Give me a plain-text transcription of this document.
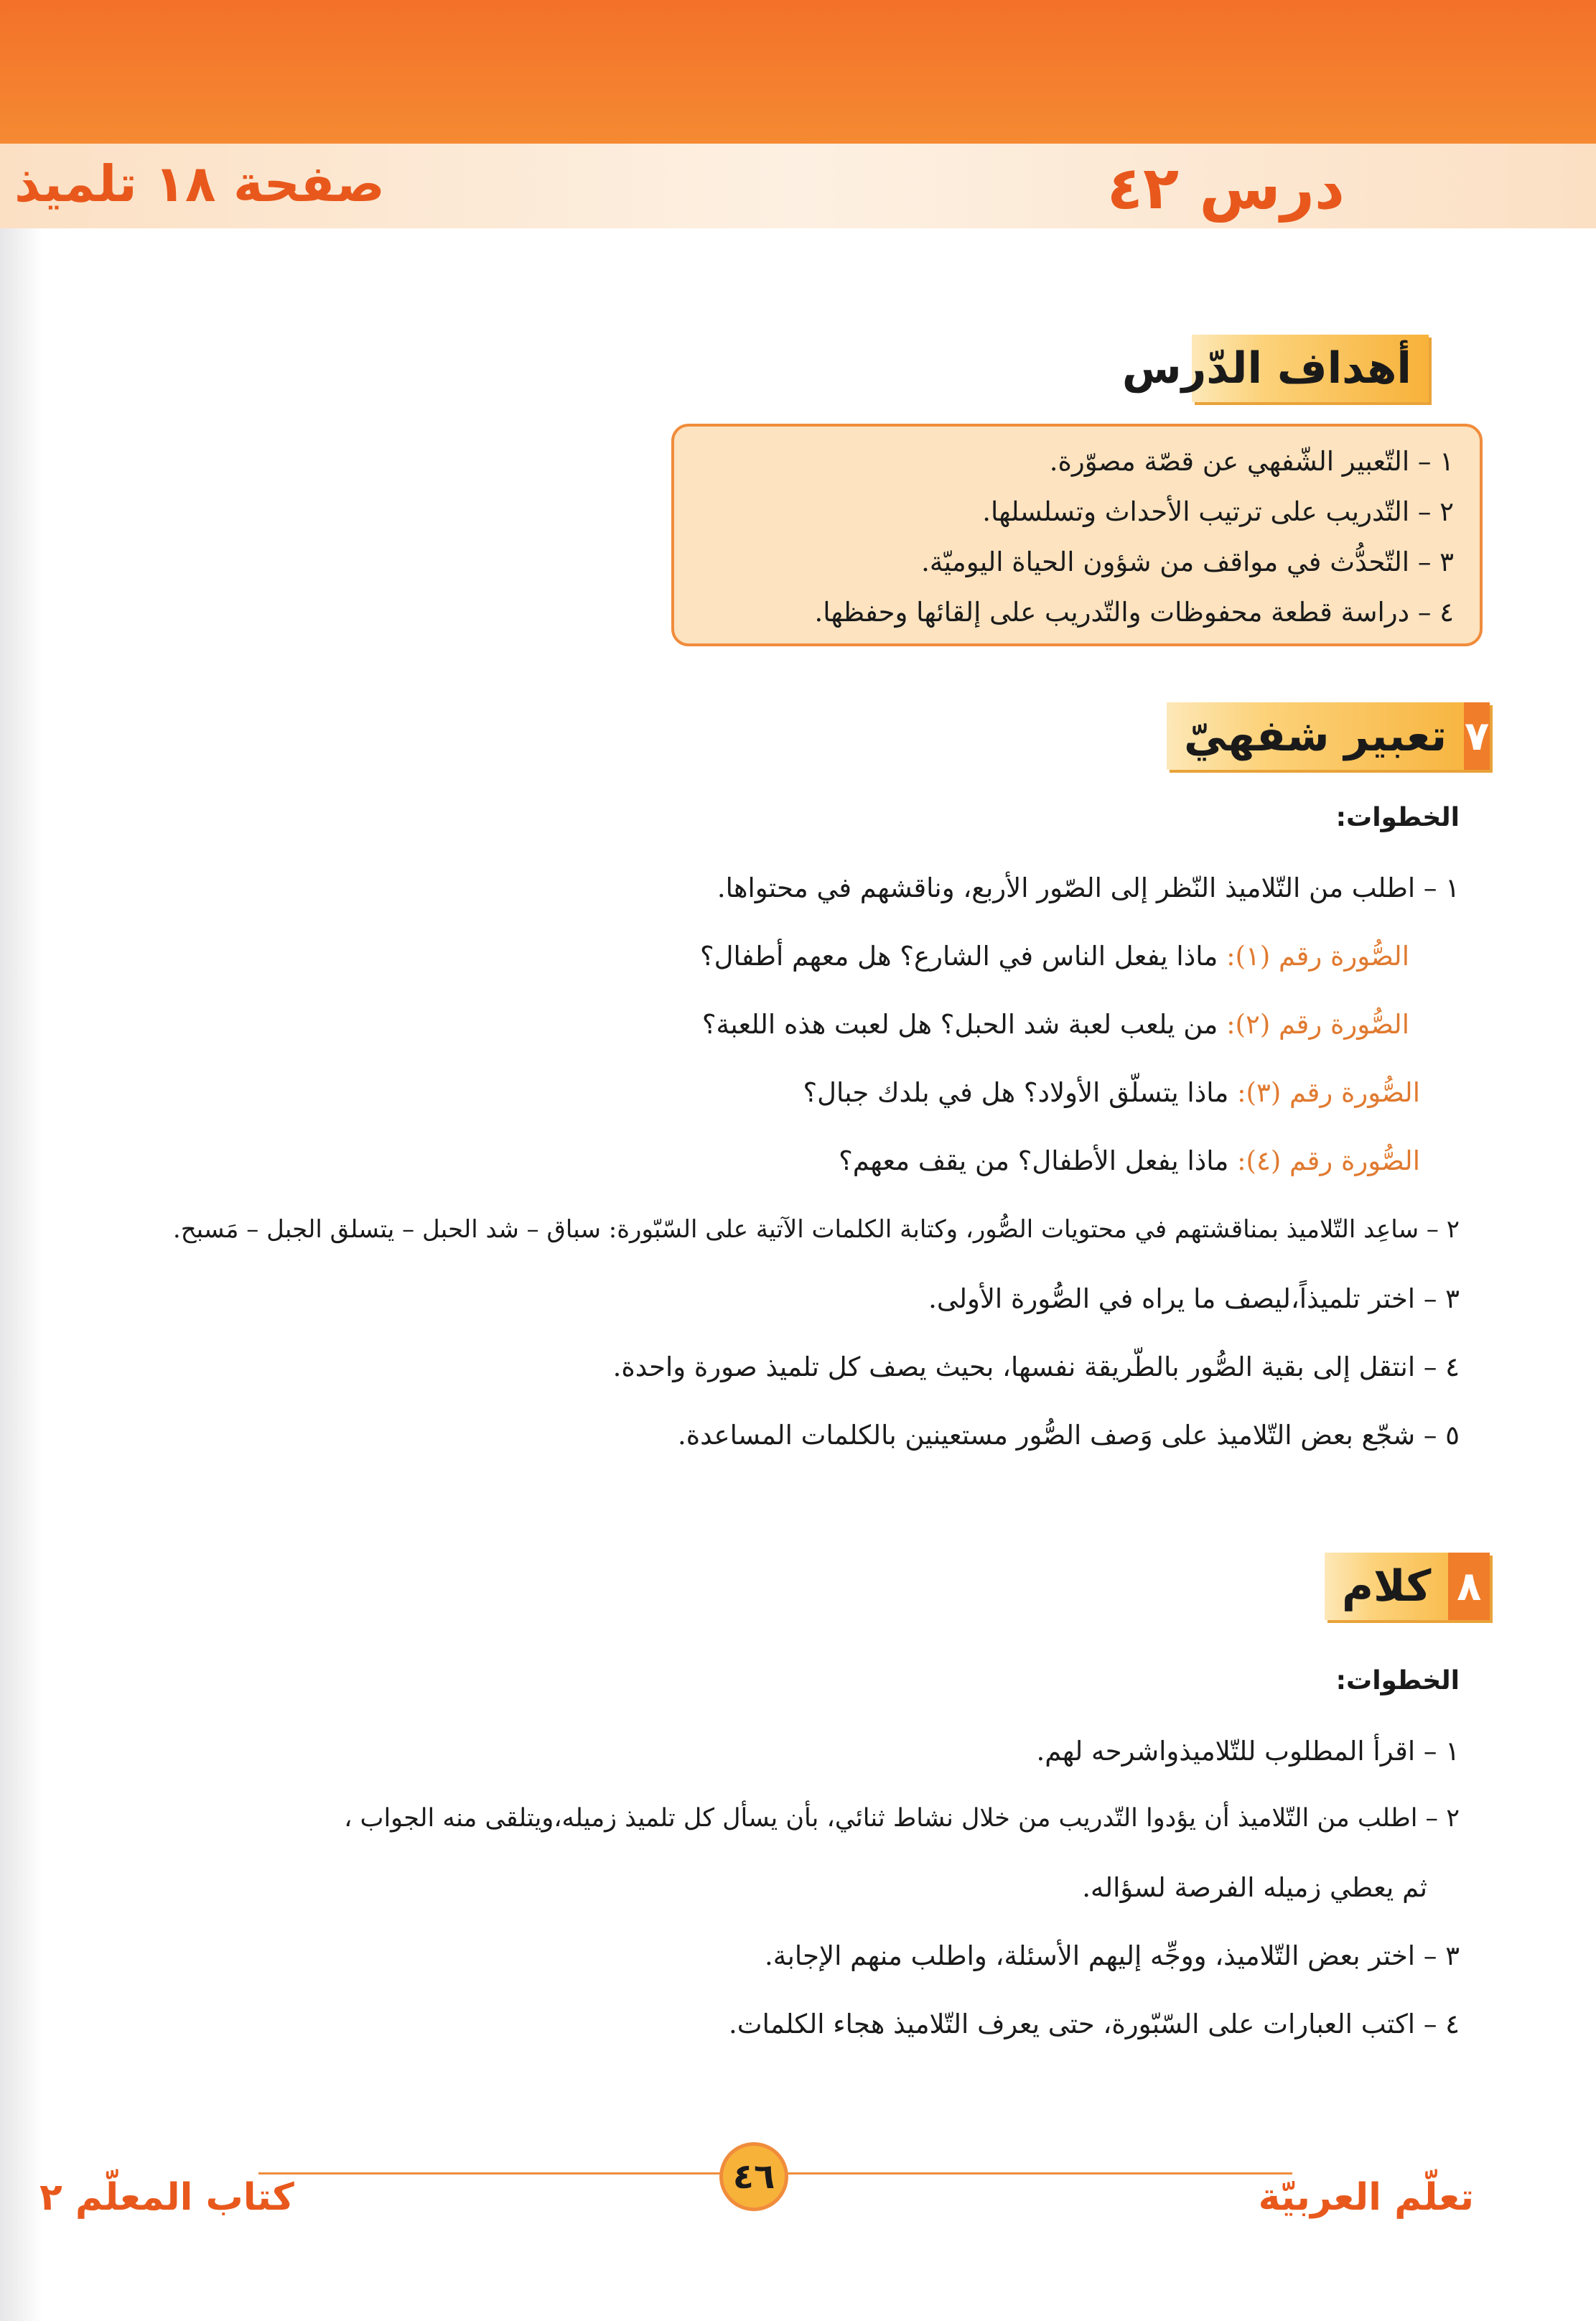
درس ٤٢
صفحة ١٨ تلميذ
أهداف الدّرس
١ – التّعبير الشّفهي عن قصّة مصوّرة.
٢ – التّدريب على ترتيب الأحداث وتسلسلها.
٣ – التّحدُّث في مواقف من شؤون الحياة اليوميّة.
٤ – دراسة قطعة محفوظات والتّدريب على إلقائها وحفظها.
٧
تعبير شفهيّ
الخطوات:
١ – اطلب من التّلاميذ النّظر إلى الصّور الأربع، وناقشهم في محتواها.
الصُّورة رقم (١): ماذا يفعل الناس في الشارع؟ هل معهم أطفال؟
الصُّورة رقم (٢): من يلعب لعبة شد الحبل؟ هل لعبت هذه اللعبة؟
الصُّورة رقم (٣): ماذا يتسلّق الأولاد؟ هل في بلدك جبال؟
الصُّورة رقم (٤): ماذا يفعل الأطفال؟ من يقف معهم؟
٢ – ساعِد التّلاميذ بمناقشتهم في محتويات الصُّور، وكتابة الكلمات الآتية على السّبّورة: سباق – شد الحبل – يتسلق الجبل – مَسبح.
٣ – اختر تلميذاً،ليصف ما يراه في الصُّورة الأولى.
٤ – انتقل إلى بقية الصُّور بالطّريقة نفسها، بحيث يصف كل تلميذ صورة واحدة.
٥ – شجّع بعض التّلاميذ على وَصف الصُّور مستعينين بالكلمات المساعدة.
٨
كلام
الخطوات:
١ – اقرأ المطلوب للتّلاميذواشرحه لهم.
٢ – اطلب من التّلاميذ أن يؤدوا التّدريب من خلال نشاط ثنائي، بأن يسأل كل تلميذ زميله،ويتلقى منه الجواب ،
ثم يعطي زميله الفرصة لسؤاله.
٣ – اختر بعض التّلاميذ، ووجِّه إليهم الأسئلة، واطلب منهم الإجابة.
٤ – اكتب العبارات على السّبّورة، حتى يعرف التّلاميذ هجاء الكلمات.
٤٦
كتاب المعلّم ٢	تعلّم العربيّة
